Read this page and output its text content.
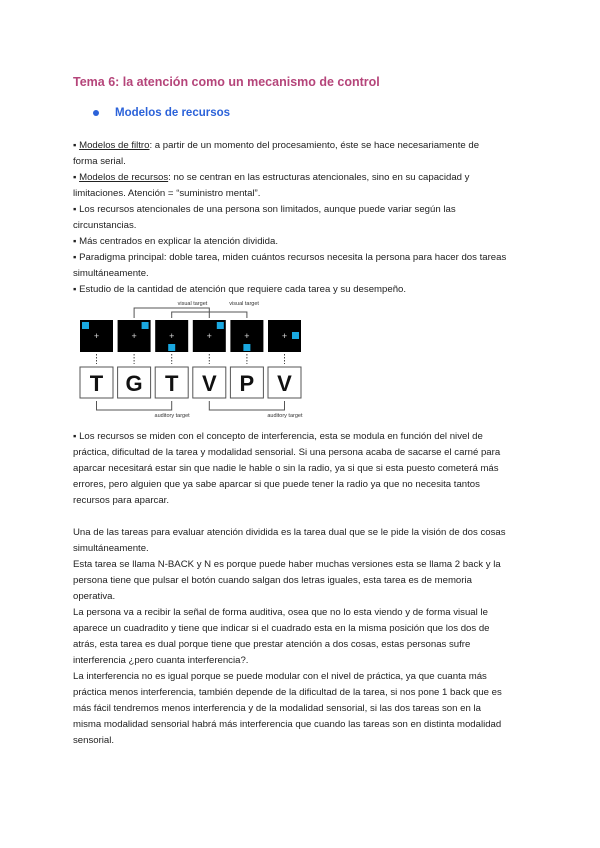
Tema 6: la atención como un mecanismo de control
Modelos de recursos
▪ Modelos de filtro: a partir de un momento del procesamiento, éste se hace necesariamente de
forma serial.
▪ Modelos de recursos: no se centran en las estructuras atencionales, sino en su capacidad y
limitaciones. Atención = “suministro mental”.
▪ Los recursos atencionales de una persona son limitados, aunque puede variar según las
circunstancias.
▪ Más centrados en explicar la atención dividida.
▪ Paradigma principal: doble tarea, miden cuántos recursos necesita la persona para hacer dos tareas
simultáneamente.
▪ Estudio de la cantidad de atención que requiere cada tarea y su desempeño.
+
T
+
G
+
T
+
V
+
P
+
V
visual target	visual target
auditory target	auditory target
▪ Los recursos se miden con el concepto de interferencia, esta se modula en función del nivel de
práctica, dificultad de la tarea y modalidad sensorial. Si una persona acaba de sacarse el carné para
aparcar necesitará estar sin que nadie le hable o sin la radio, ya si que si esta puesto cometerá más
errores, pero alguien que ya sabe aparcar si que puede tener la radio ya que no necesita tantos
recursos para aparcar.
Una de las tareas para evaluar atención dividida es la tarea dual que se le pide la visión de dos cosas
simultáneamente.
Esta tarea se llama N-BACK y N es porque puede haber muchas versiones esta se llama 2 back y la
persona tiene que pulsar el botón cuando salgan dos letras iguales, esta tarea es de memoria
operativa.
La persona va a recibir la señal de forma auditiva, osea que no lo esta viendo y de forma visual le
aparece un cuadradito y tiene que indicar si el cuadrado esta en la misma posición que los dos de
atrás, esta tarea es dual porque tiene que prestar atención a dos cosas, estas personas sufre
interferencia ¿pero cuanta interferencia?.
La interferencia no es igual porque se puede modular con el nivel de práctica, ya que cuanta más
práctica menos interferencia, también depende de la dificultad de la tarea, si nos pone 1 back que es
más fácil tendremos menos interferencia y de la modalidad sensorial, si las dos tareas son en la
misma modalidad sensorial habrá más interferencia que cuando las tareas son en distinta modalidad
sensorial.
